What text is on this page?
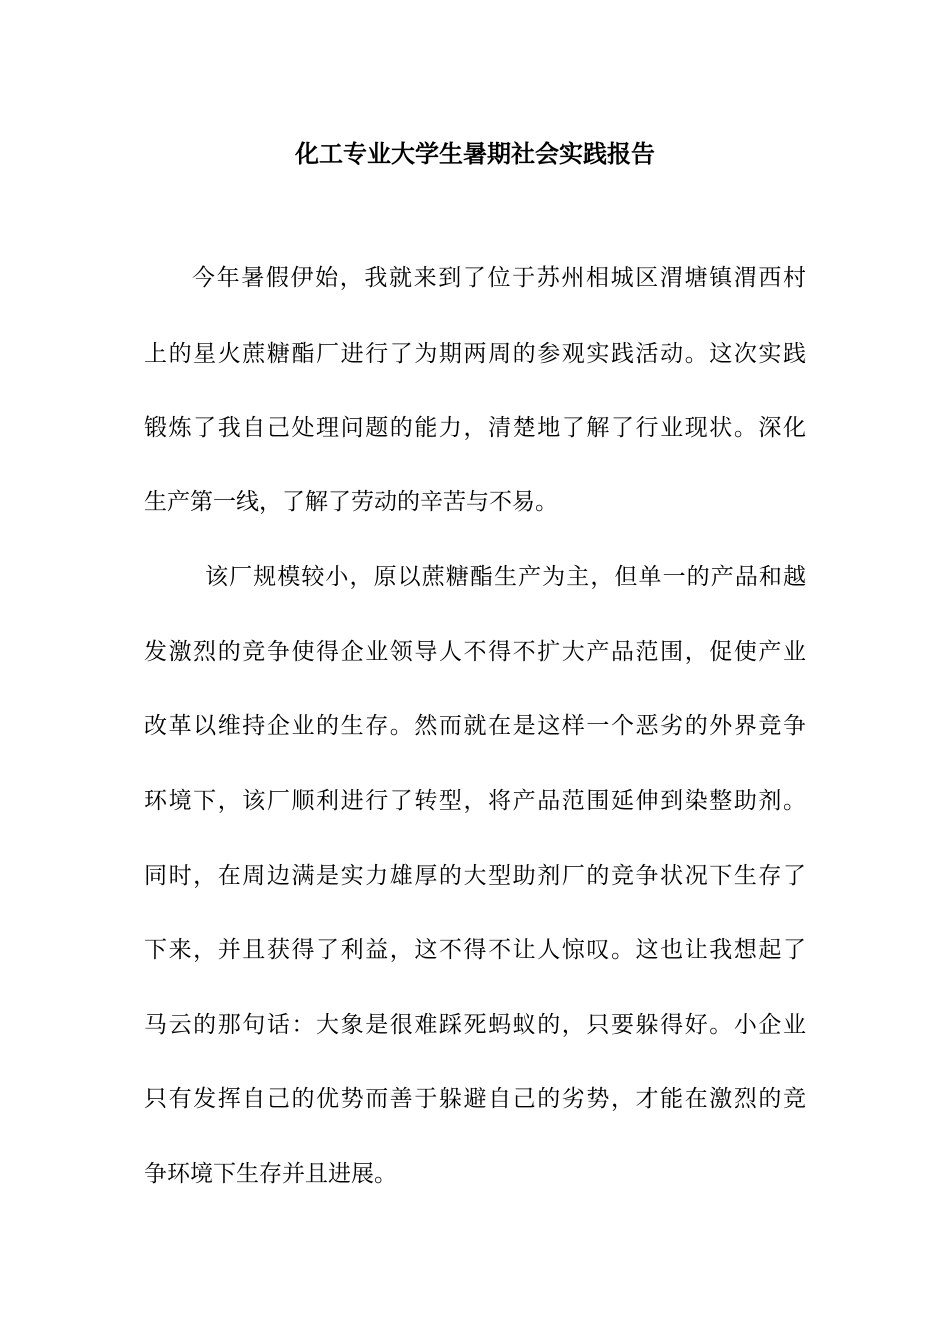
化工专业大学生暑期社会实践报告
今年暑假伊始，我就来到了位于苏州相城区渭塘镇渭西村
上的星火蔗糖酯厂进行了为期两周的参观实践活动。这次实践
锻炼了我自己处理问题的能力，清楚地了解了行业现状。深化
生产第一线，了解了劳动的辛苦与不易。
该厂规模较小，原以蔗糖酯生产为主，但单一的产品和越
发激烈的竞争使得企业领导人不得不扩大产品范围，促使产业
改革以维持企业的生存。然而就在是这样一个恶劣的外界竞争
环境下，该厂顺利进行了转型，将产品范围延伸到染整助剂。
同时，在周边满是实力雄厚的大型助剂厂的竞争状况下生存了
下来，并且获得了利益，这不得不让人惊叹。这也让我想起了
马云的那句话：大象是很难踩死蚂蚁的，只要躲得好。小企业
只有发挥自己的优势而善于躲避自己的劣势，才能在激烈的竞
争环境下生存并且进展。
